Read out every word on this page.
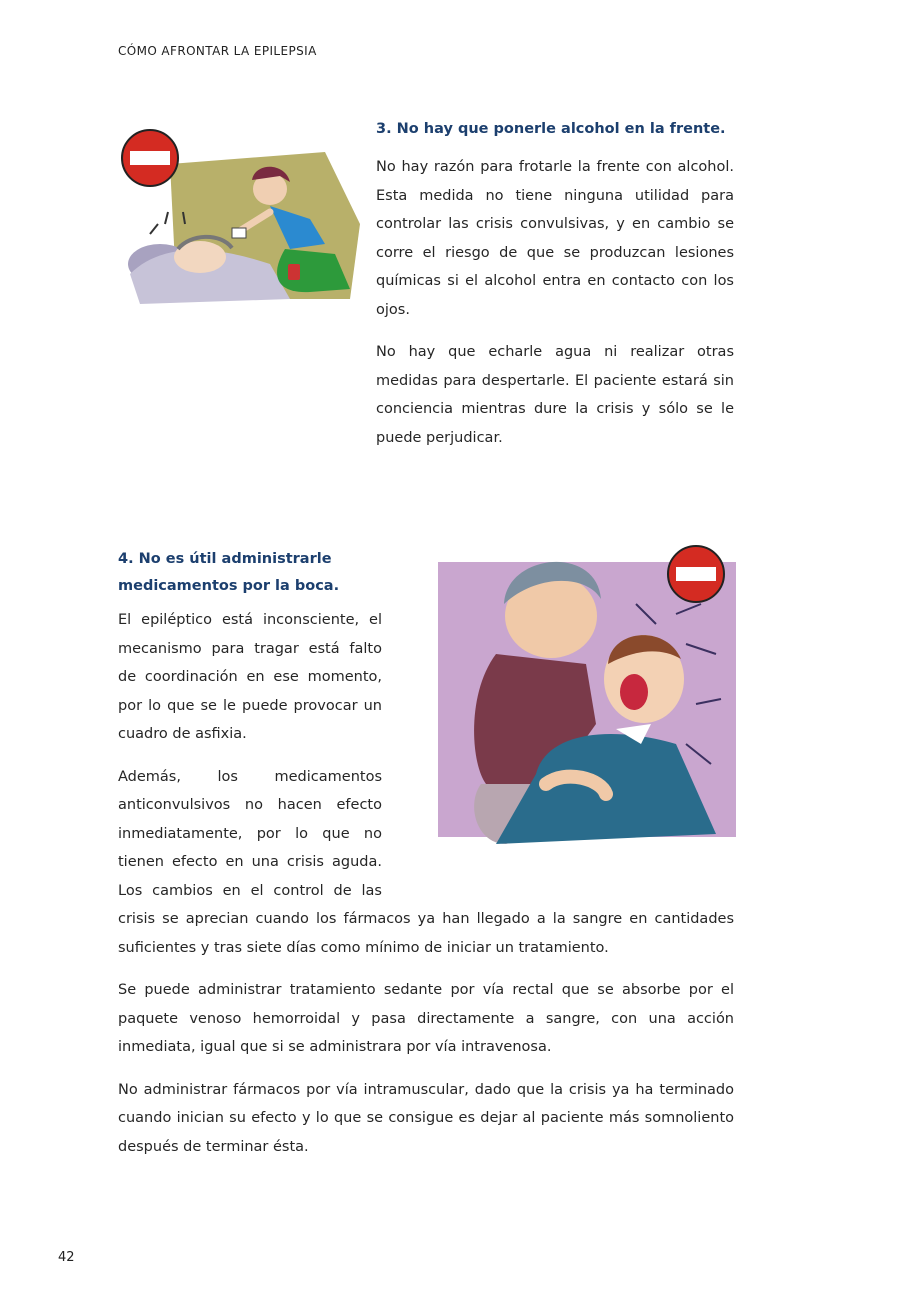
CÓMO AFRONTAR LA EPILEPSIA

3. No hay que ponerle alcohol en la frente.

No hay razón para frotarle la frente con alcohol. Esta medida no tiene ninguna utilidad para controlar las crisis convulsivas, y en cambio se corre el riesgo de que se produzcan lesiones químicas si el alcohol entra en contacto con los ojos.

No hay que echarle agua ni realizar otras medidas para despertarle. El paciente estará sin conciencia mientras dure la crisis y sólo se le puede perjudicar.

4. No es útil administrarle
medicamentos por la boca.

El epiléptico está inconsciente, el mecanismo para tragar está falto de coordinación en ese momento, por lo que se le puede provocar un cuadro de asfixia.

Además, los medicamentos anticonvulsivos no hacen efecto inmediatamente, por lo que no tienen efecto en una crisis aguda. Los cambios en el control de las crisis se aprecian cuando los fármacos ya han llegado a la sangre en cantidades suficientes y tras siete días como mínimo de iniciar un tratamiento.

Se puede administrar tratamiento sedante por vía rectal que se absorbe por el paquete venoso hemorroidal y pasa directamente a sangre, con una acción inmediata, igual que si se administrara por vía intravenosa.

No administrar fármacos por vía intramuscular, dado que la crisis ya ha terminado cuando inician su efecto y lo que se consigue es dejar al paciente más somnoliento después de terminar ésta.

42
